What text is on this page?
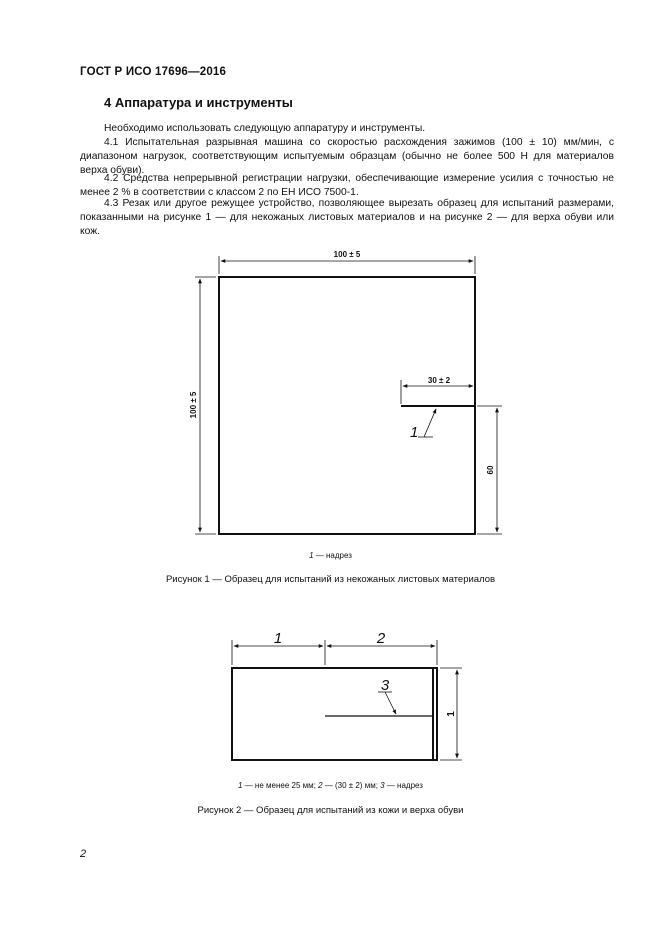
ГОСТ Р ИСО 17696—2016
4 Аппаратура и инструменты
Необходимо использовать следующую аппаратуру и инструменты.
4.1 Испытательная разрывная машина со скоростью расхождения зажимов (100 ± 10) мм/мин, с диапазоном нагрузок, соответствующим испытуемым образцам (обычно не более 500 Н для материалов верха обуви).
4.2 Средства непрерывной регистрации нагрузки, обеспечивающие измерение усилия с точностью не менее 2 % в соответствии с классом 2 по ЕН ИСО 7500-1.
4.3 Резак или другое режущее устройство, позволяющее вырезать образец для испытаний размерами, показанными на рисунке 1 — для некожаных листовых материалов и на рисунке 2 — для верха обуви или кож.
100 ± 5
100 ± 5
30 ± 2
60
1
1 — надрез
Рисунок 1 — Образец для испытаний из некожаных листовых материалов
1	2
1
3
1 — не менее 25 мм; 2 — (30 ± 2) мм; 3 — надрез
Рисунок 2 — Образец для испытаний из кожи и верха обуви
2
